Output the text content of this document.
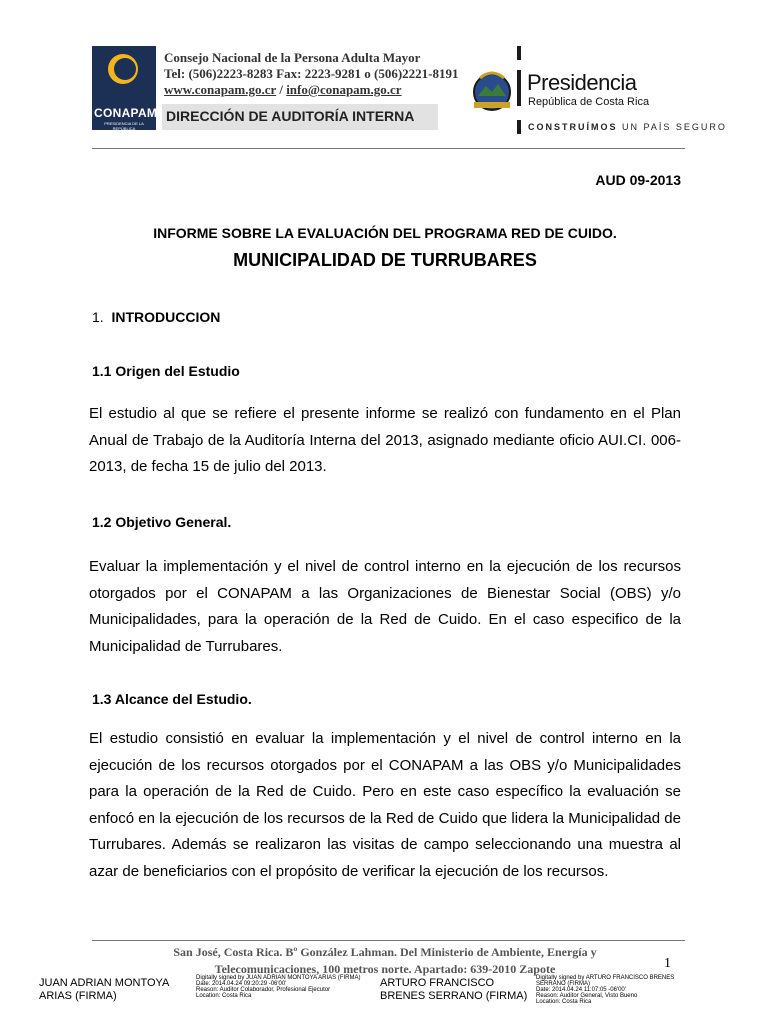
CONAPAM
PRESIDENCIA DE LA REPÚBLICA
Consejo Nacional de la Persona Adulta Mayor
Tel: (506)2223-8283 Fax: 2223-9281 o (506)2221-8191
www.conapam.go.cr / info@conapam.go.cr
DIRECCIÓN DE AUDITORÍA INTERNA
Presidencia
República de Costa Rica
CONSTRUÍMOS UN PAÍS SEGURO
AUD 09-2013
INFORME SOBRE LA EVALUACIÓN DEL PROGRAMA RED DE CUIDO.
MUNICIPALIDAD DE TURRUBARES
1. INTRODUCCION
1.1 Origen del Estudio
El estudio al que se refiere el presente informe se realizó con fundamento en el Plan Anual de Trabajo de la Auditoría Interna del 2013, asignado mediante oficio AUI.CI. 006-2013, de fecha 15 de julio del 2013.
1.2 Objetivo General.
Evaluar la implementación y el nivel de control interno en la ejecución de los recursos otorgados por el CONAPAM a las Organizaciones de Bienestar Social (OBS) y/o Municipalidades, para la operación de la Red de Cuido. En el caso especifico de la Municipalidad de Turrubares.
1.3 Alcance del Estudio.
El estudio consistió en evaluar la implementación y el nivel de control interno en la ejecución de los recursos otorgados por el CONAPAM a las OBS y/o Municipalidades para la operación de la Red de Cuido. Pero en este caso específico la evaluación se enfocó en la ejecución de los recursos de la Red de Cuido que lidera la Municipalidad de Turrubares. Además se realizaron las visitas de campo seleccionando una muestra al azar de beneficiarios con el propósito de verificar la ejecución de los recursos.
San José, Costa Rica. Bº González Lahman. Del Ministerio de Ambiente, Energía y
Telecomunicaciones, 100 metros norte. Apartado: 639-2010 Zapote	1
JUAN ADRIAN MONTOYA ARIAS (FIRMA)
Digitally signed by JUAN ADRIAN MONTOYA ARIAS (FIRMA)
Date: 2014.04.24 09:20:29 -06'00'
Reason: Auditor Colaborador, Profesional Ejecutor
Location: Costa Rica
ARTURO FRANCISCO BRENES SERRANO (FIRMA)
Digitally signed by ARTURO FRANCISCO BRENES SERRANO (FIRMA)
Date: 2014.04.24 11:07:05 -06'00'
Reason: Auditor General, Visto Bueno
Location: Costa Rica
